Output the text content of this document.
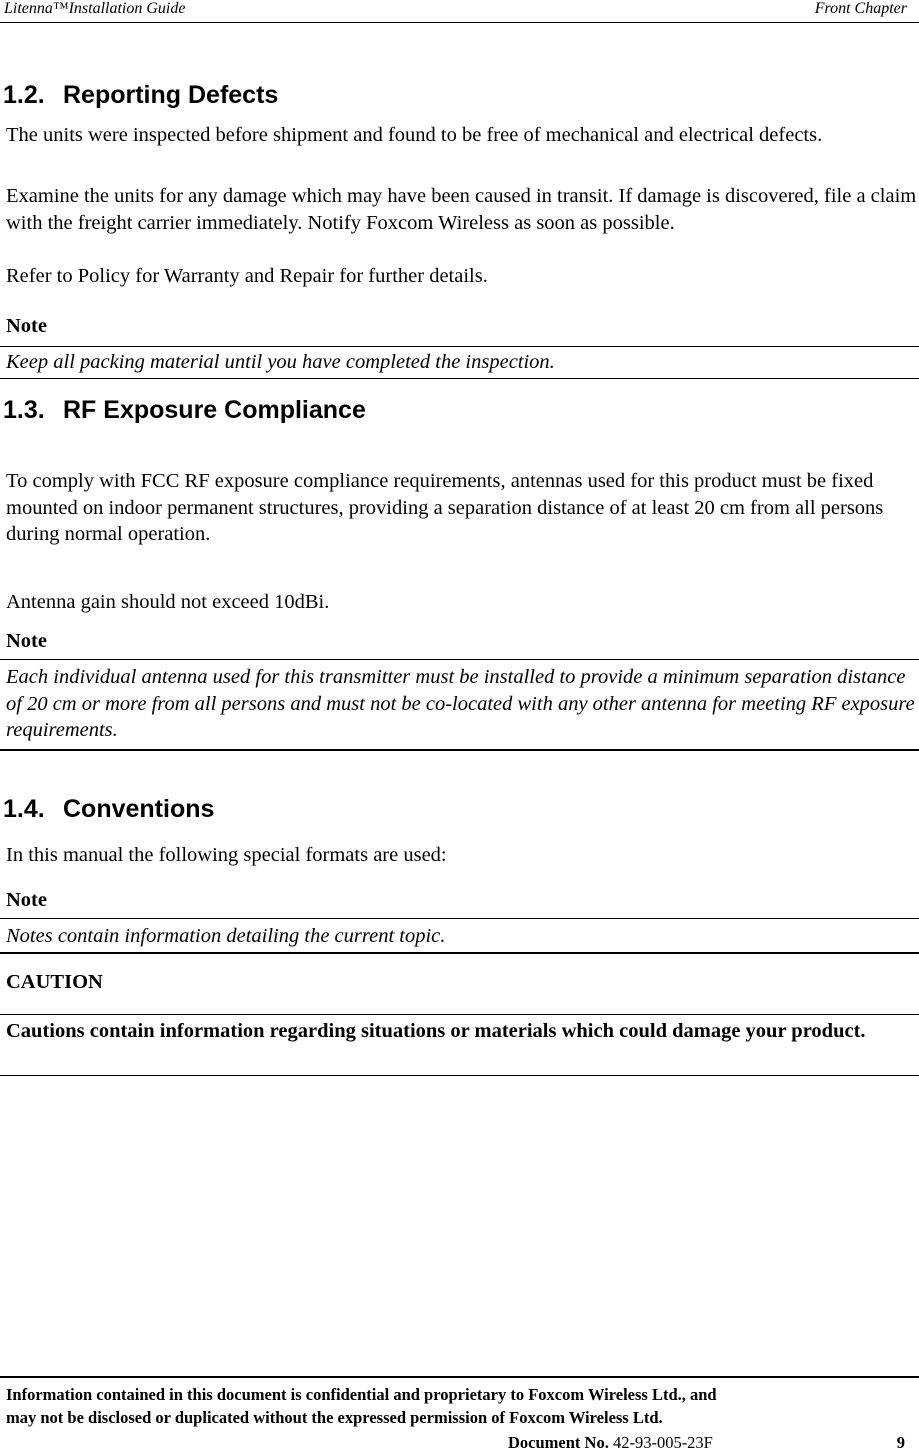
Litenna™Installation Guide	Front Chapter
1.2. Reporting Defects
The units were inspected before shipment and found to be free of mechanical and electrical defects.
Examine the units for any damage which may have been caused in transit. If damage is discovered, file a claim with the freight carrier immediately. Notify Foxcom Wireless as soon as possible.
Refer to Policy for Warranty and Repair for further details.
Note
Keep all packing material until you have completed the inspection.
1.3. RF Exposure Compliance
To comply with FCC RF exposure compliance requirements, antennas used for this product must be fixed mounted on indoor permanent structures, providing a separation distance of at least 20 cm from all persons during normal operation.
Antenna gain should not exceed 10dBi.
Note
Each individual antenna used for this transmitter must be installed to provide a minimum separation distance of 20 cm or more from all persons and must not be co-located with any other antenna for meeting RF exposure requirements.
1.4. Conventions
In this manual the following special formats are used:
Note
Notes contain information detailing the current topic.
CAUTION
Cautions contain information regarding situations or materials which could damage your product.
Information contained in this document is confidential and proprietary to Foxcom Wireless Ltd., and
may not be disclosed or duplicated without the expressed permission of Foxcom Wireless Ltd.
Document No. 42-93-005-23F	9
